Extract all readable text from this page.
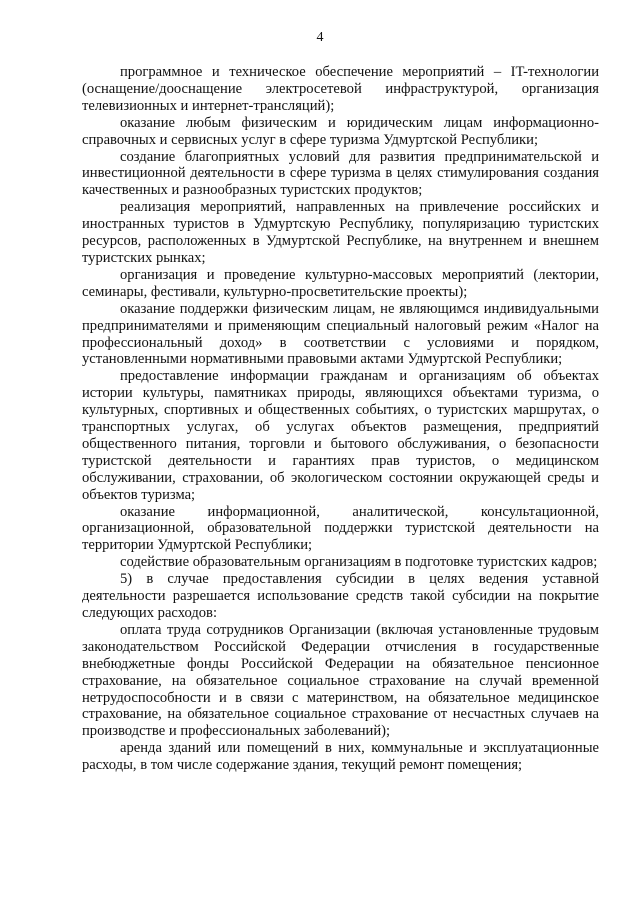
4

программное и техническое обеспечение мероприятий – IT-технологии (оснащение/дооснащение электросетевой инфраструктурой, организация телевизионных и интернет-трансляций);

оказание любым физическим и юридическим лицам информационно-справочных и сервисных услуг в сфере туризма Удмуртской Республики;

создание благоприятных условий для развития предпринимательской и инвестиционной деятельности в сфере туризма в целях стимулирования создания качественных и разнообразных туристских продуктов;

реализация мероприятий, направленных на привлечение российских и иностранных туристов в Удмуртскую Республику, популяризацию туристских ресурсов, расположенных в Удмуртской Республике, на внутреннем и внешнем туристских рынках;

организация и проведение культурно-массовых мероприятий (лектории, семинары, фестивали, культурно-просветительские проекты);

оказание поддержки физическим лицам, не являющимся индивидуальными предпринимателями и применяющим специальный налоговый режим «Налог на профессиональный доход» в соответствии с условиями и порядком, установленными нормативными правовыми актами Удмуртской Республики;

предоставление информации гражданам и организациям об объектах истории культуры, памятниках природы, являющихся объектами туризма, о культурных, спортивных и общественных событиях, о туристских маршрутах, о транспортных услугах, об услугах объектов размещения, предприятий общественного питания, торговли и бытового обслуживания, о безопасности туристской деятельности и гарантиях прав туристов, о медицинском обслуживании, страховании, об экологическом состоянии окружающей среды и объектов туризма;

оказание информационной, аналитической, консультационной, организационной, образовательной поддержки туристской деятельности на территории Удмуртской Республики;

содействие образовательным организациям в подготовке туристских кадров;

5) в случае предоставления субсидии в целях ведения уставной деятельности разрешается использование средств такой субсидии на покрытие следующих расходов:

оплата труда сотрудников Организации (включая установленные трудовым законодательством Российской Федерации отчисления в государственные внебюджетные фонды Российской Федерации на обязательное пенсионное страхование, на обязательное социальное страхование на случай временной нетрудоспособности и в связи с материнством, на обязательное медицинское страхование, на обязательное социальное страхование от несчастных случаев на производстве и профессиональных заболеваний);

аренда зданий или помещений в них, коммунальные и эксплуатационные расходы, в том числе содержание здания, текущий ремонт помещения;
